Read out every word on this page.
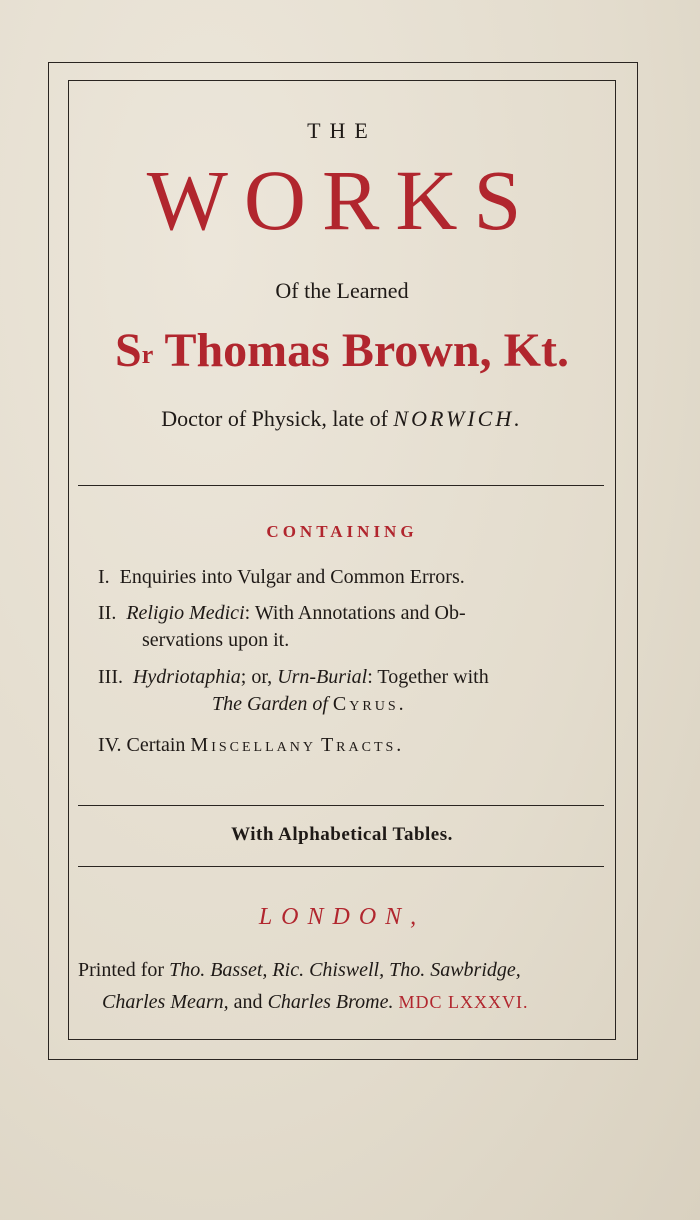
THE
WORKS
Of the Learned
$S^r$ Thomas Brown, Kt.
Doctor of Physick, late of NORWICH.
CONTAINING
I. Enquiries into Vulgar and Common Errors.
II. Religio Medici: With Annotations and Ob-
servations upon it.
III. Hydriotaphia; or, Urn-Burial: Together with
The Garden of Cyrus.
IV. Certain Miscellany Tracts.
With Alphabetical Tables.
LONDON,
Printed for Tho. Basset, Ric. Chiswell, Tho. Sawbridge,
Charles Mearn, and Charles Brome. MDC LXXXVI.
